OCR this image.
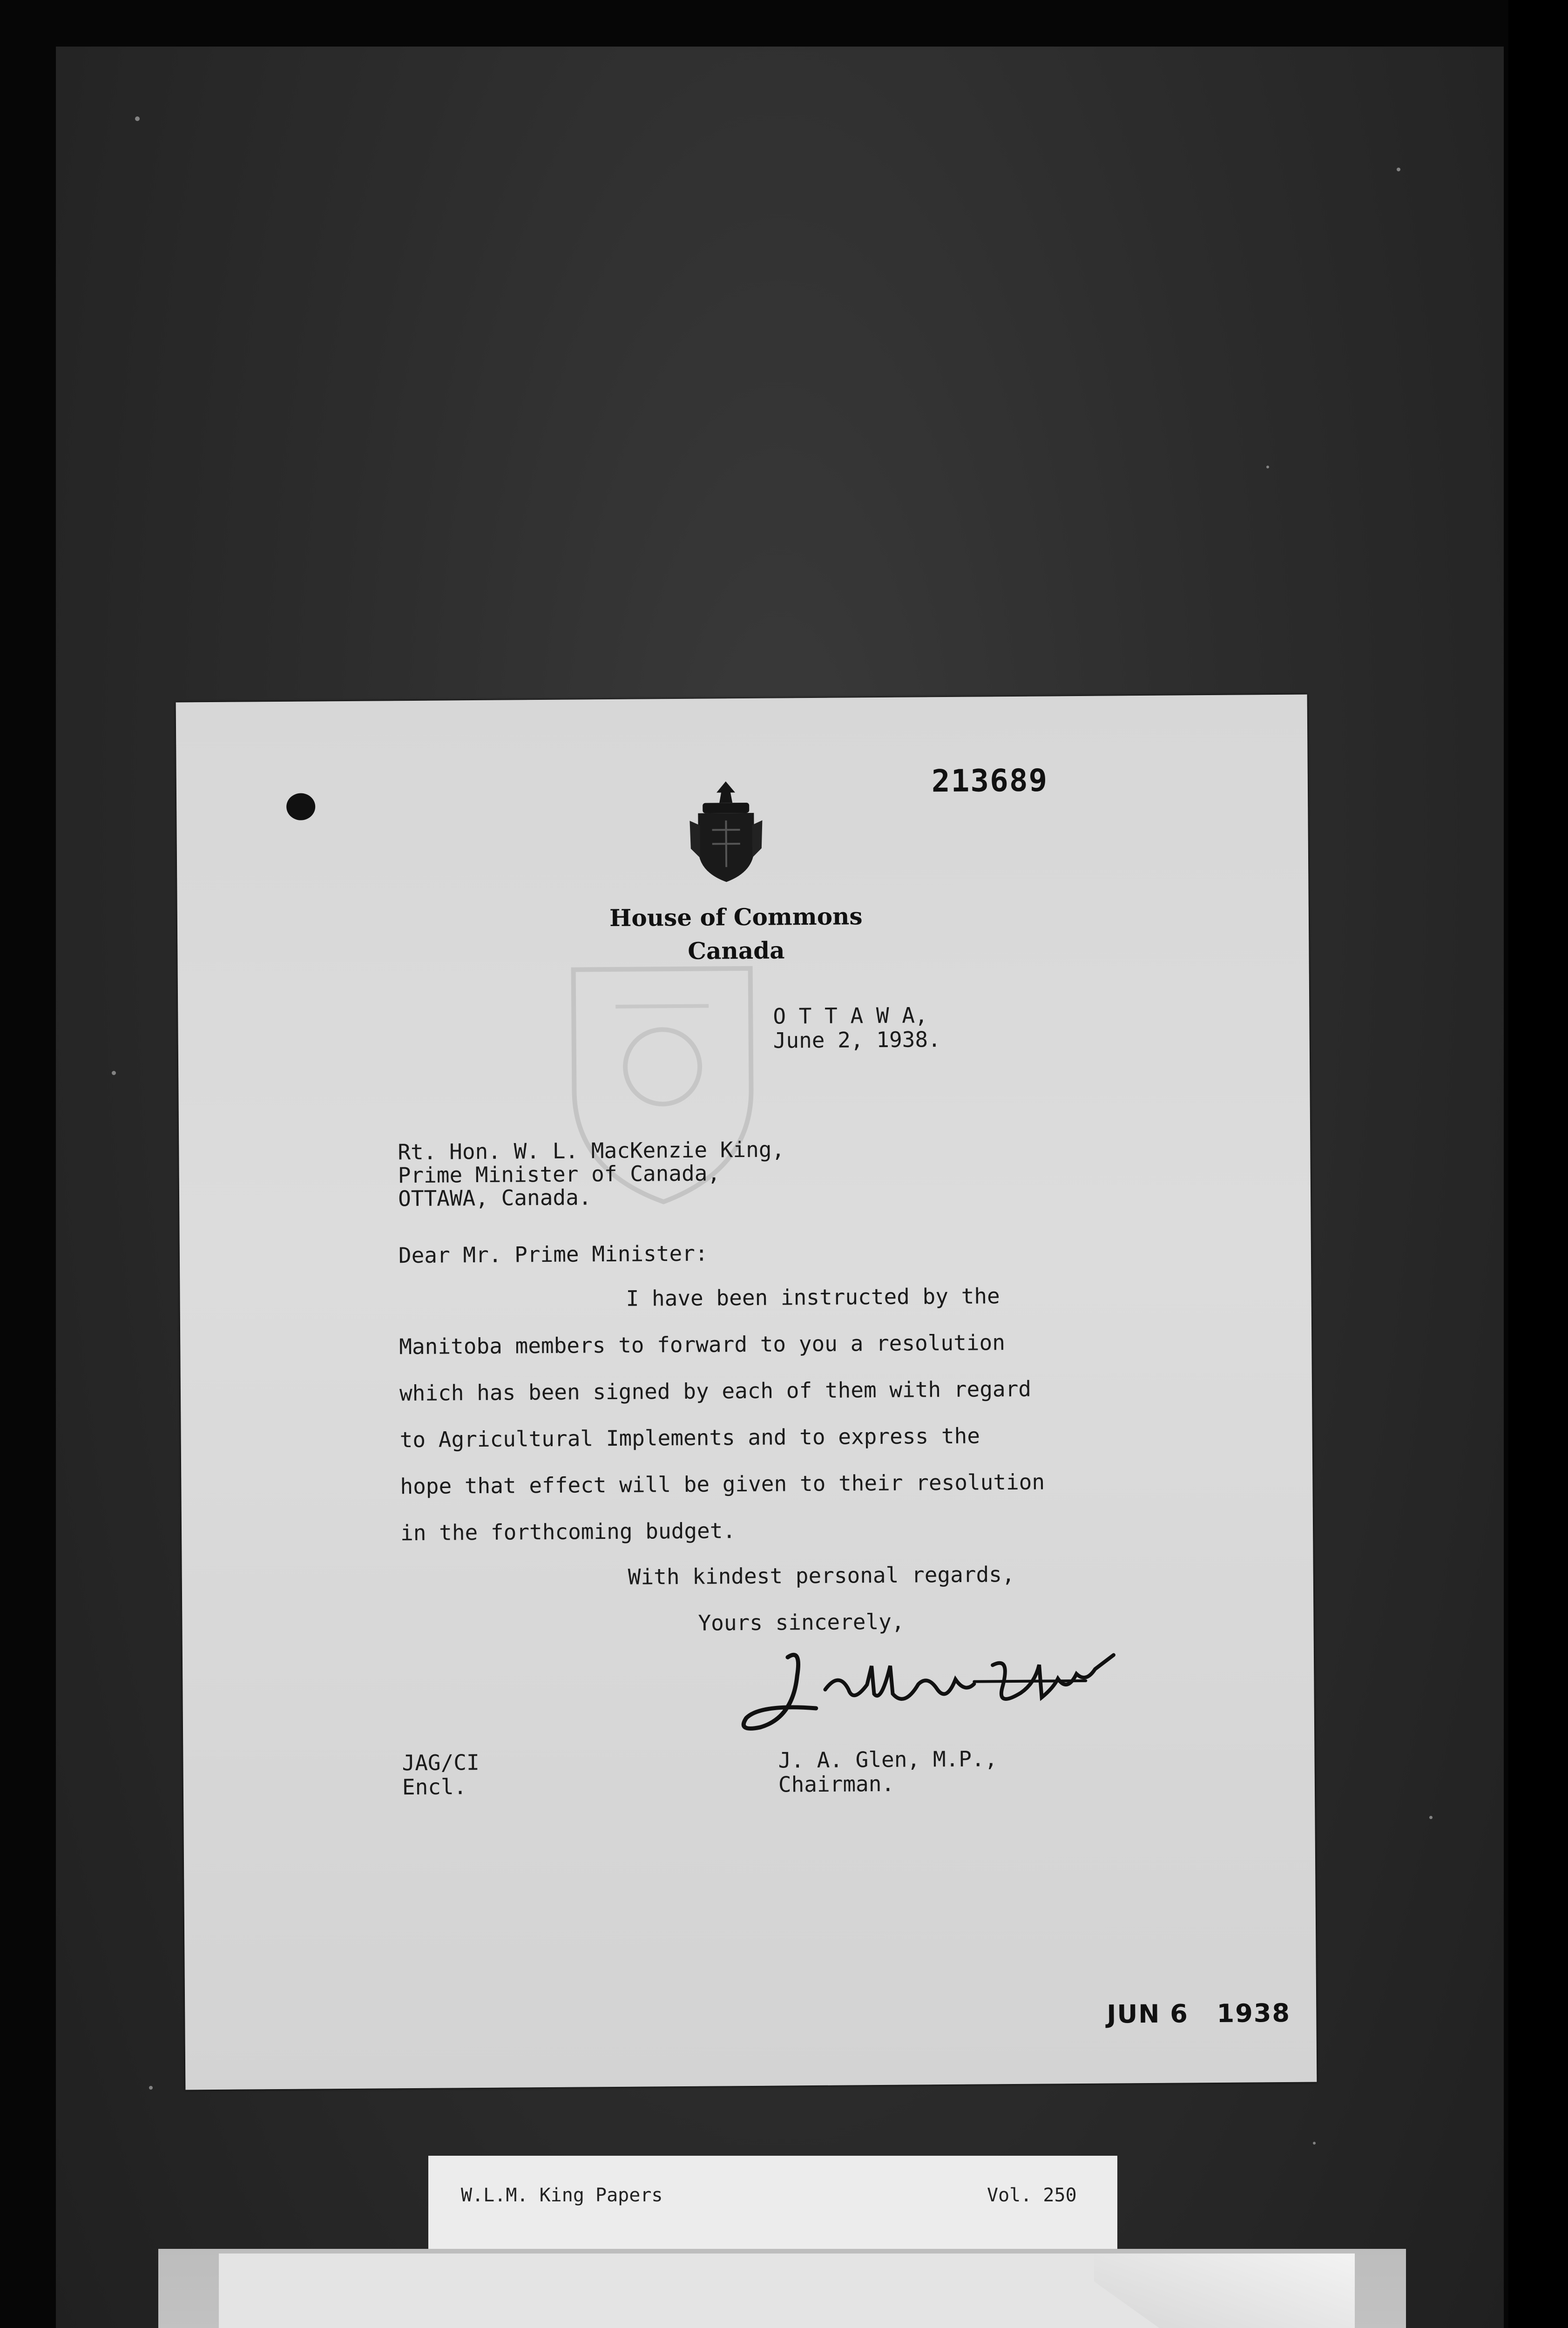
213689
House of Commons
Canada
O T T A W A,
June 2, 1938.
Rt. Hon. W. L. MacKenzie King,
Prime Minister of Canada,
OTTAWA, Canada.
Dear Mr. Prime Minister:
I have been instructed by the
Manitoba members to forward to you a resolution
which has been signed by each of them with regard
to Agricultural Implements and to express the
hope that effect will be given to their resolution
in the forthcoming budget.
With kindest personal regards,
Yours sincerely,
JAG/CI
Encl.
J. A. Glen, M.P.,
Chairman.
JUN 6 1938
W.L.M. King Papers	Vol. 250
